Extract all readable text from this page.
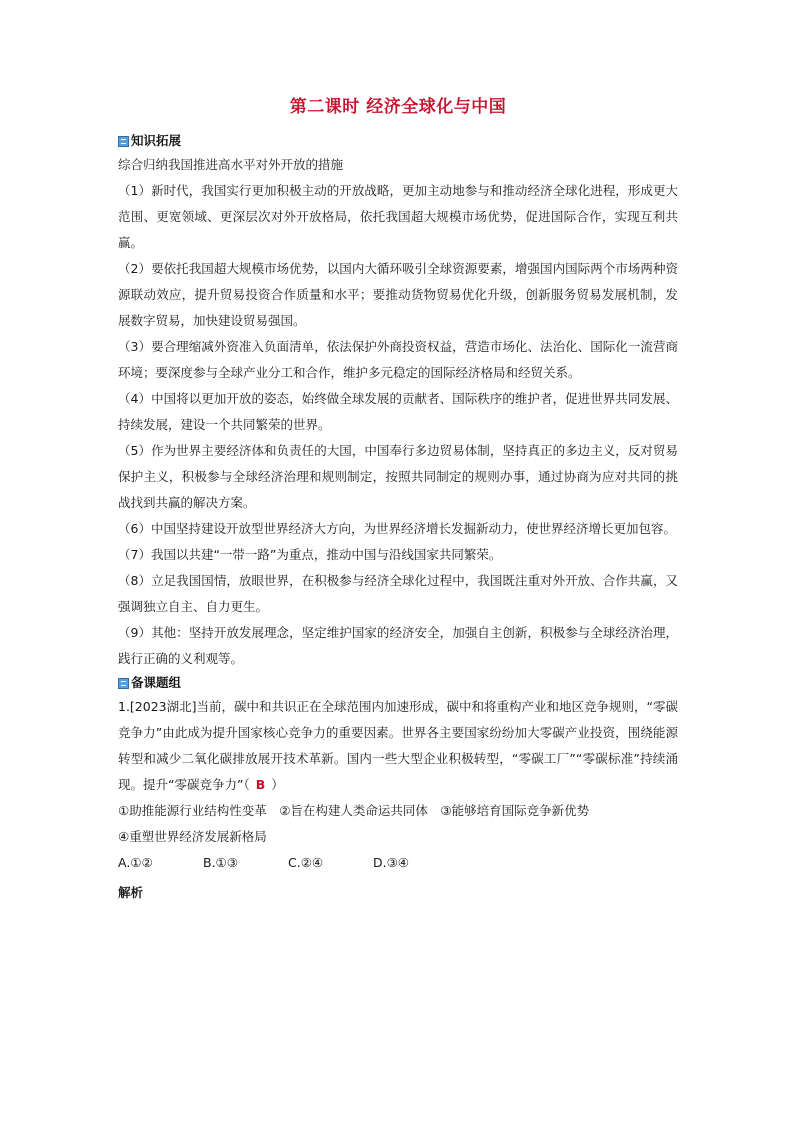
第二课时 经济全球化与中国
知识拓展

综合归纳我国推进高水平对外开放的措施

（1）新时代，我国实行更加积极主动的开放战略，更加主动地参与和推动经济全球化进程，形成更大范围、更宽领域、更深层次对外开放格局，依托我国超大规模市场优势，促进国际合作，实现互利共赢。

（2）要依托我国超大规模市场优势，以国内大循环吸引全球资源要素，增强国内国际两个市场两种资源联动效应，提升贸易投资合作质量和水平；要推动货物贸易优化升级，创新服务贸易发展机制，发展数字贸易，加快建设贸易强国。

（3）要合理缩减外资准入负面清单，依法保护外商投资权益，营造市场化、法治化、国际化一流营商环境；要深度参与全球产业分工和合作，维护多元稳定的国际经济格局和经贸关系。

（4）中国将以更加开放的姿态，始终做全球发展的贡献者、国际秩序的维护者，促进世界共同发展、持续发展，建设一个共同繁荣的世界。

（5）作为世界主要经济体和负责任的大国，中国奉行多边贸易体制，坚持真正的多边主义，反对贸易保护主义，积极参与全球经济治理和规则制定，按照共同制定的规则办事，通过协商为应对共同的挑战找到共赢的解决方案。

（6）中国坚持建设开放型世界经济大方向，为世界经济增长发掘新动力，使世界经济增长更加包容。

（7）我国以共建“一带一路”为重点，推动中国与沿线国家共同繁荣。

（8）立足我国国情，放眼世界，在积极参与经济全球化过程中，我国既注重对外开放、合作共赢，又强调独立自主、自力更生。

（9）其他：坚持开放发展理念，坚定维护国家的经济安全，加强自主创新，积极参与全球经济治理，践行正确的义利观等。

备课题组

1.[2023湖北]当前，碳中和共识正在全球范围内加速形成，碳中和将重构产业和地区竞争规则，“零碳竞争力”由此成为提升国家核心竞争力的重要因素。世界各主要国家纷纷加大零碳产业投资，围绕能源转型和减少二氧化碳排放展开技术革新。国内一些大型企业积极转型，“零碳工厂”“零碳标准”持续涌现。提升“零碳竞争力”（ B ）

①助推能源行业结构性变革　②旨在构建人类命运共同体　③能够培育国际竞争新优势

④重塑世界经济发展新格局

A.①②	B.①③	C.②④	D.③④
解析
